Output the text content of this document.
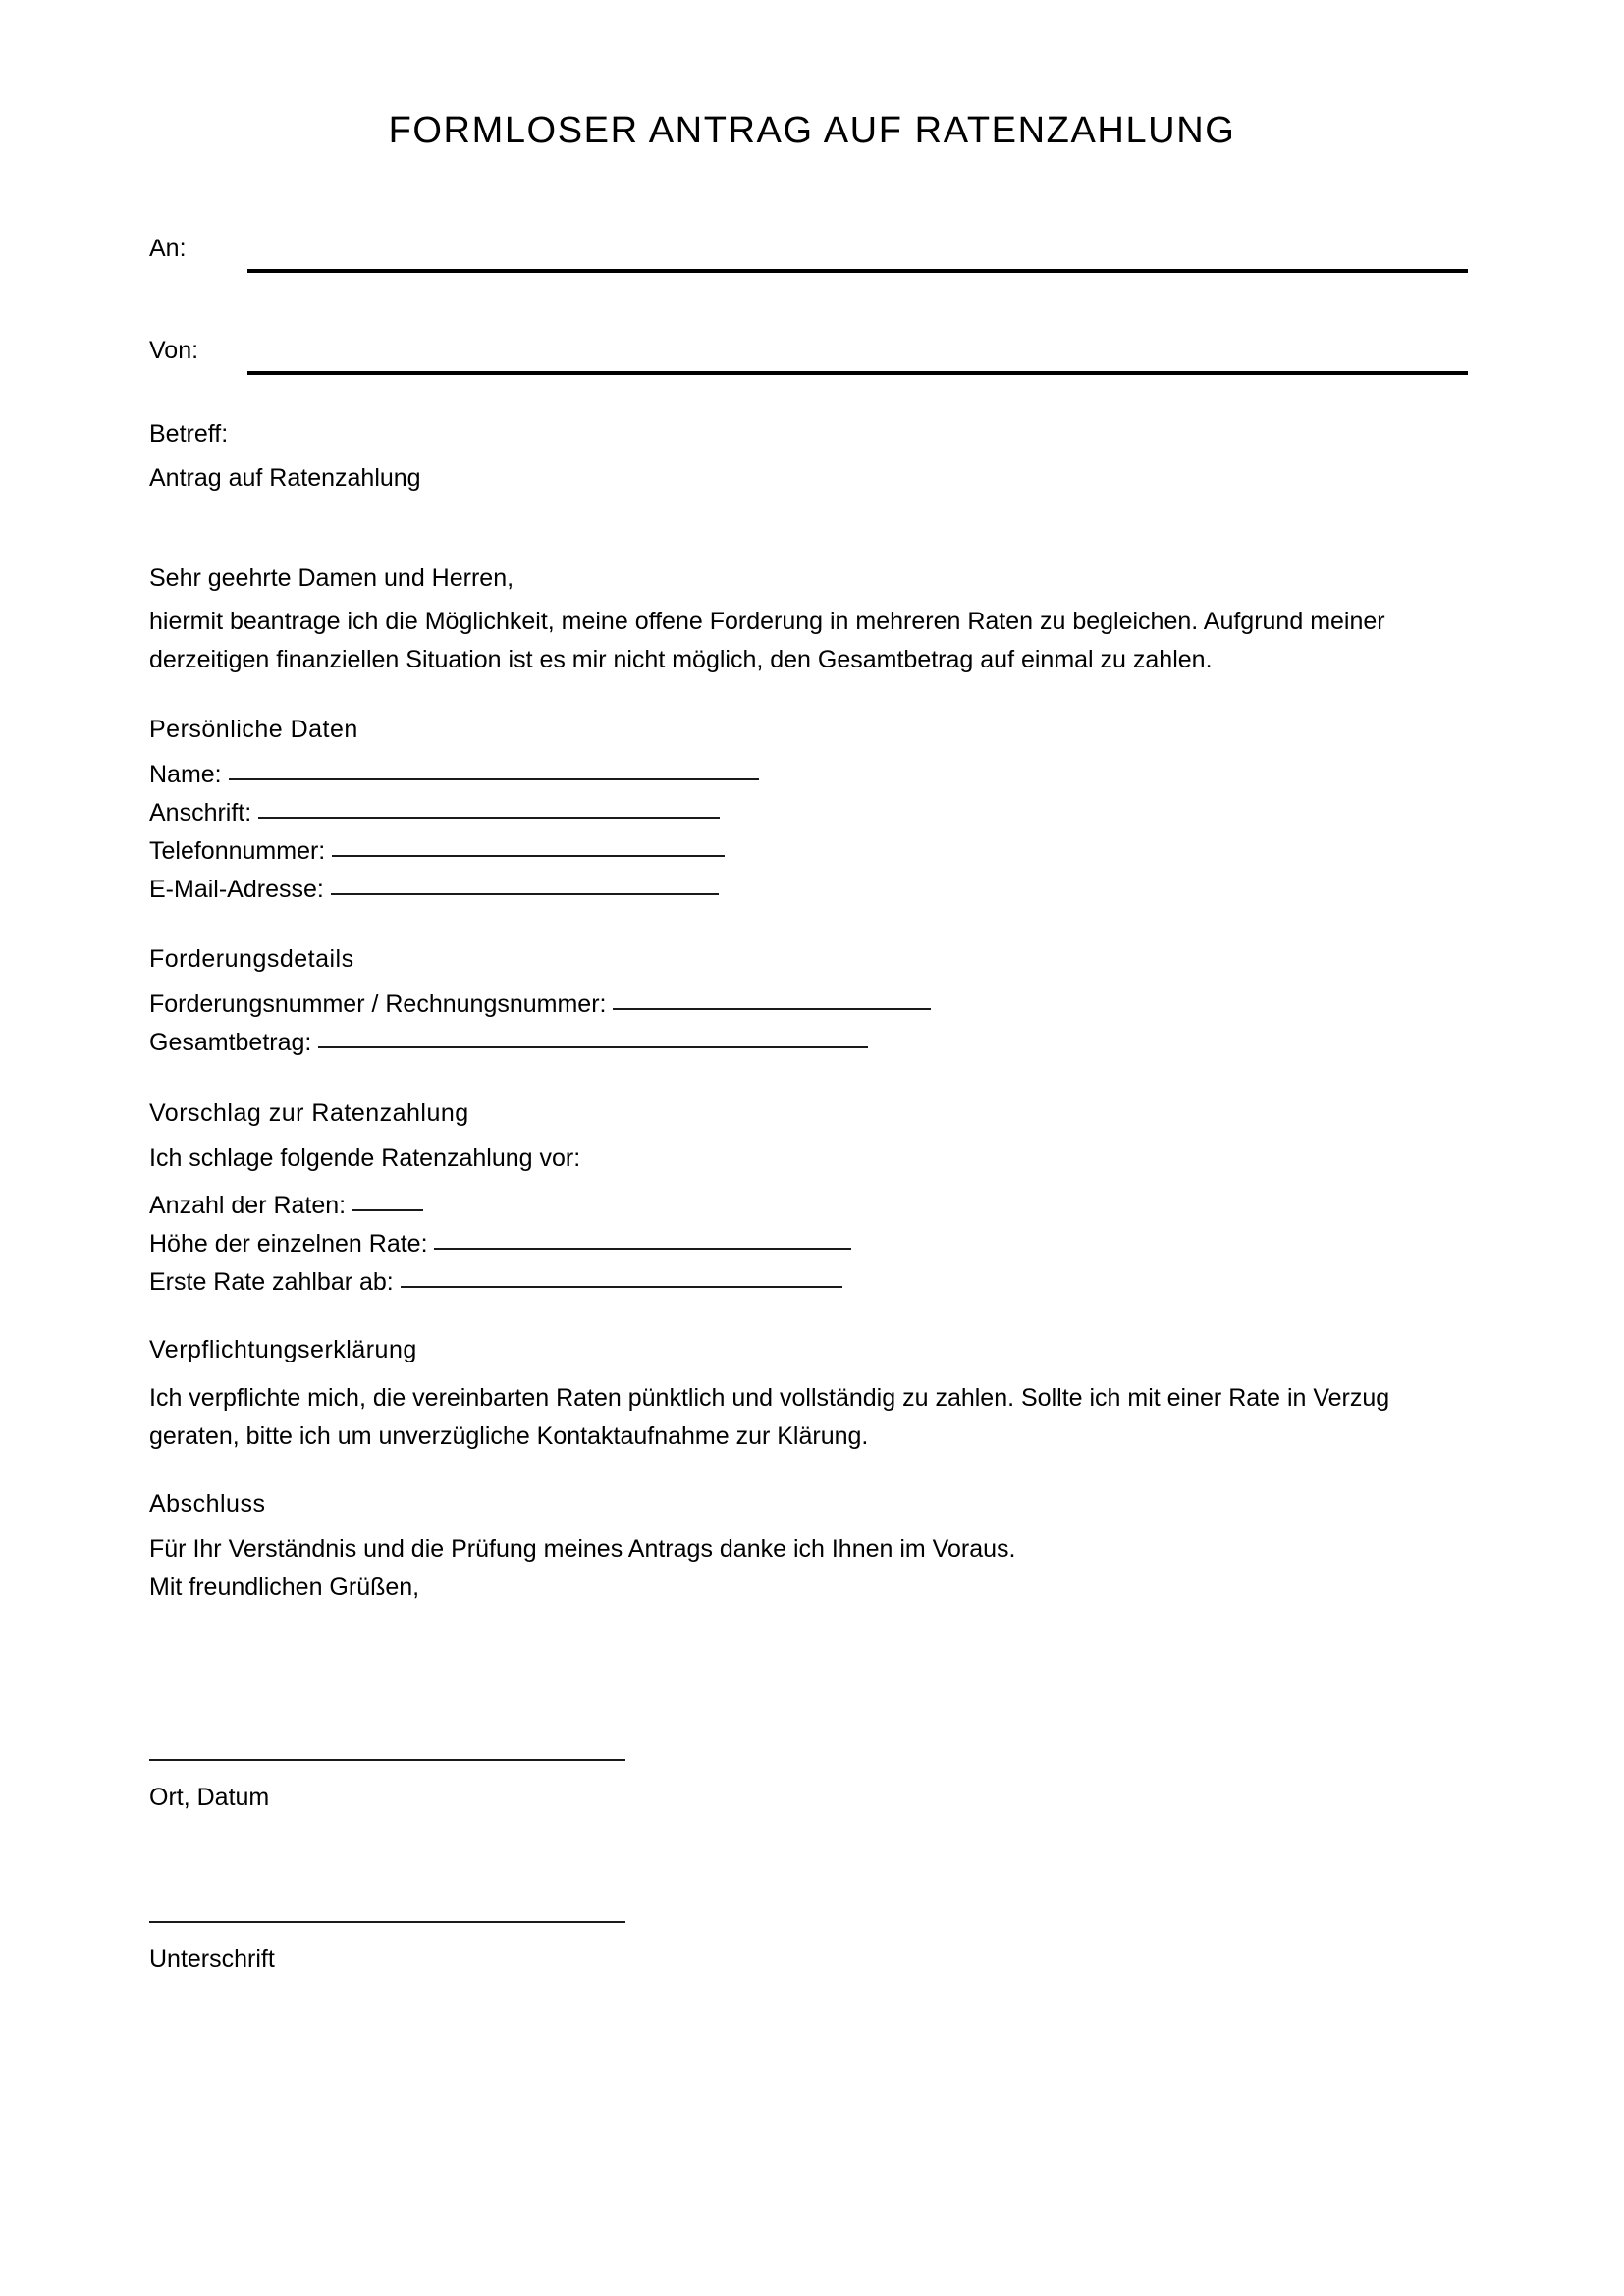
FORMLOSER ANTRAG AUF RATENZAHLUNG
An:
Von:
Betreff:
Antrag auf Ratenzahlung
Sehr geehrte Damen und Herren,
hiermit beantrage ich die Möglichkeit, meine offene Forderung in mehreren Raten zu begleichen. Aufgrund meiner derzeitigen finanziellen Situation ist es mir nicht möglich, den Gesamtbetrag auf einmal zu zahlen.
Persönliche Daten
Name:
Anschrift:
Telefonnummer:
E-Mail-Adresse:
Forderungsdetails
Forderungsnummer / Rechnungsnummer:
Gesamtbetrag:
Vorschlag zur Ratenzahlung
Ich schlage folgende Ratenzahlung vor:
Anzahl der Raten:
Höhe der einzelnen Rate:
Erste Rate zahlbar ab:
Verpflichtungserklärung
Ich verpflichte mich, die vereinbarten Raten pünktlich und vollständig zu zahlen. Sollte ich mit einer Rate in Verzug geraten, bitte ich um unverzügliche Kontaktaufnahme zur Klärung.
Abschluss
Für Ihr Verständnis und die Prüfung meines Antrags danke ich Ihnen im Voraus.
Mit freundlichen Grüßen,
Ort, Datum
Unterschrift
